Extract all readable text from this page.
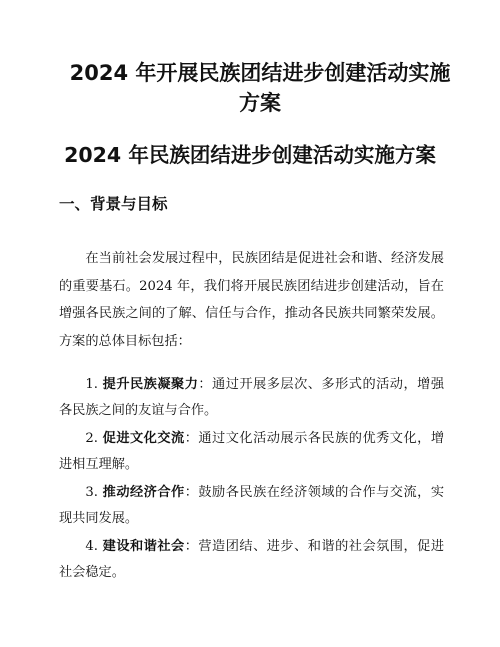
2024 年开展民族团结进步创建活动实施方案
2024 年民族团结进步创建活动实施方案
一、背景与目标

在当前社会发展过程中，民族团结是促进社会和谐、经济发展的重要基石。2024 年，我们将开展民族团结进步创建活动，旨在增强各民族之间的了解、信任与合作，推动各民族共同繁荣发展。方案的总体目标包括：

1. 提升民族凝聚力：通过开展多层次、多形式的活动，增强各民族之间的友谊与合作。

2. 促进文化交流：通过文化活动展示各民族的优秀文化，增进相互理解。

3. 推动经济合作：鼓励各民族在经济领域的合作与交流，实现共同发展。

4. 建设和谐社会：营造团结、进步、和谐的社会氛围，促进社会稳定。
